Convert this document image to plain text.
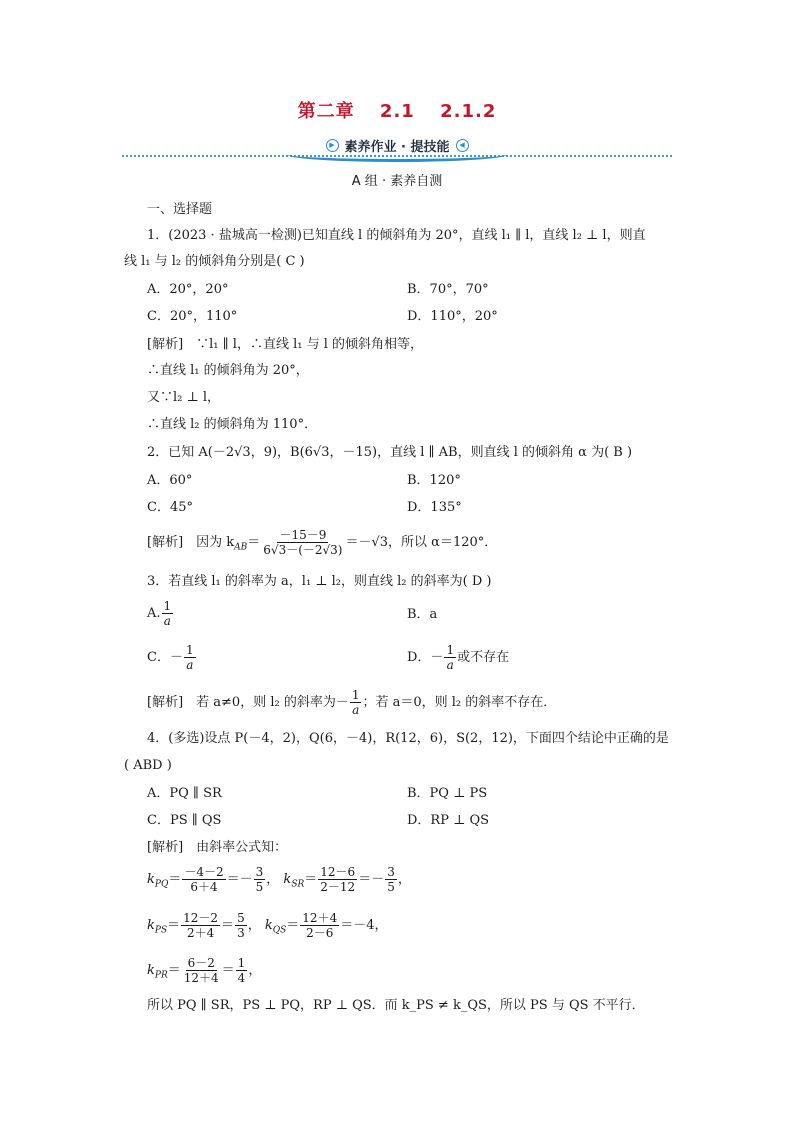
第二章 2.1 2.1.2
▶ 素养作业 · 提技能	◀
A 组 · 素养自测
一、选择题
1．(2023 · 盐城高一检测)已知直线 l 的倾斜角为 20°，直线 l₁ ∥ l，直线 l₂ ⊥ l，则直
线 l₁ 与 l₂ 的倾斜角分别是( C )
A．20°，20°	B．70°，70°
C．20°，110°	D．110°，20°
[解析]　∵l₁ ∥ l，∴直线 l₁ 与 l 的倾斜角相等，
∴直线 l₁ 的倾斜角为 20°，
又∵l₂ ⊥ l，
∴直线 l₂ 的倾斜角为 110°．
2．已知 A(－2√3，9)，B(6√3，－15)，直线 l ∥ AB，则直线 l 的倾斜角 α 为( B )
A．60°	B．120°
C．45°	D．135°
[解析]　因为 $k_{AB}= \frac{-15-9}{6√3-(-2√3)} =-√3$，所以 α＝120°．
3．若直线 l₁ 的斜率为 a，l₁ ⊥ l₂，则直线 l₂ 的斜率为( D )
A. $\frac{1}{a}$	B．a
C．－ $\frac{1}{a}$	D．－ $\frac{1}{a}$ 或不存在
[解析]　若 a≠0，则 l₂ 的斜率为－ $\frac{1}{a}$ ；若 a＝0，则 l₂ 的斜率不存在．
4．(多选)设点 P(－4，2)，Q(6，－4)，R(12，6)，S(2，12)，下面四个结论中正确的是
( ABD )
A．PQ ∥ SR	B．PQ ⊥ PS
C．PS ∥ QS	D．RP ⊥ QS
[解析]　由斜率公式知：
$k_{PQ}= \frac{-4-2}{6+4} =- \frac{3}{5}$ ， $k_{SR}= \frac{12-6}{2-12} =- \frac{3}{5}$ ，
$k_{PS}= \frac{12-2}{2+4} = \frac{5}{3}$ ， $k_{QS}= \frac{12+4}{2-6} =-4$，
$k_{PR}= \frac{6-2}{12+4} = \frac{1}{4}$ ，
所以 PQ ∥ SR，PS ⊥ PQ，RP ⊥ QS．而 k_PS ≠ k_QS，所以 PS 与 QS 不平行．
